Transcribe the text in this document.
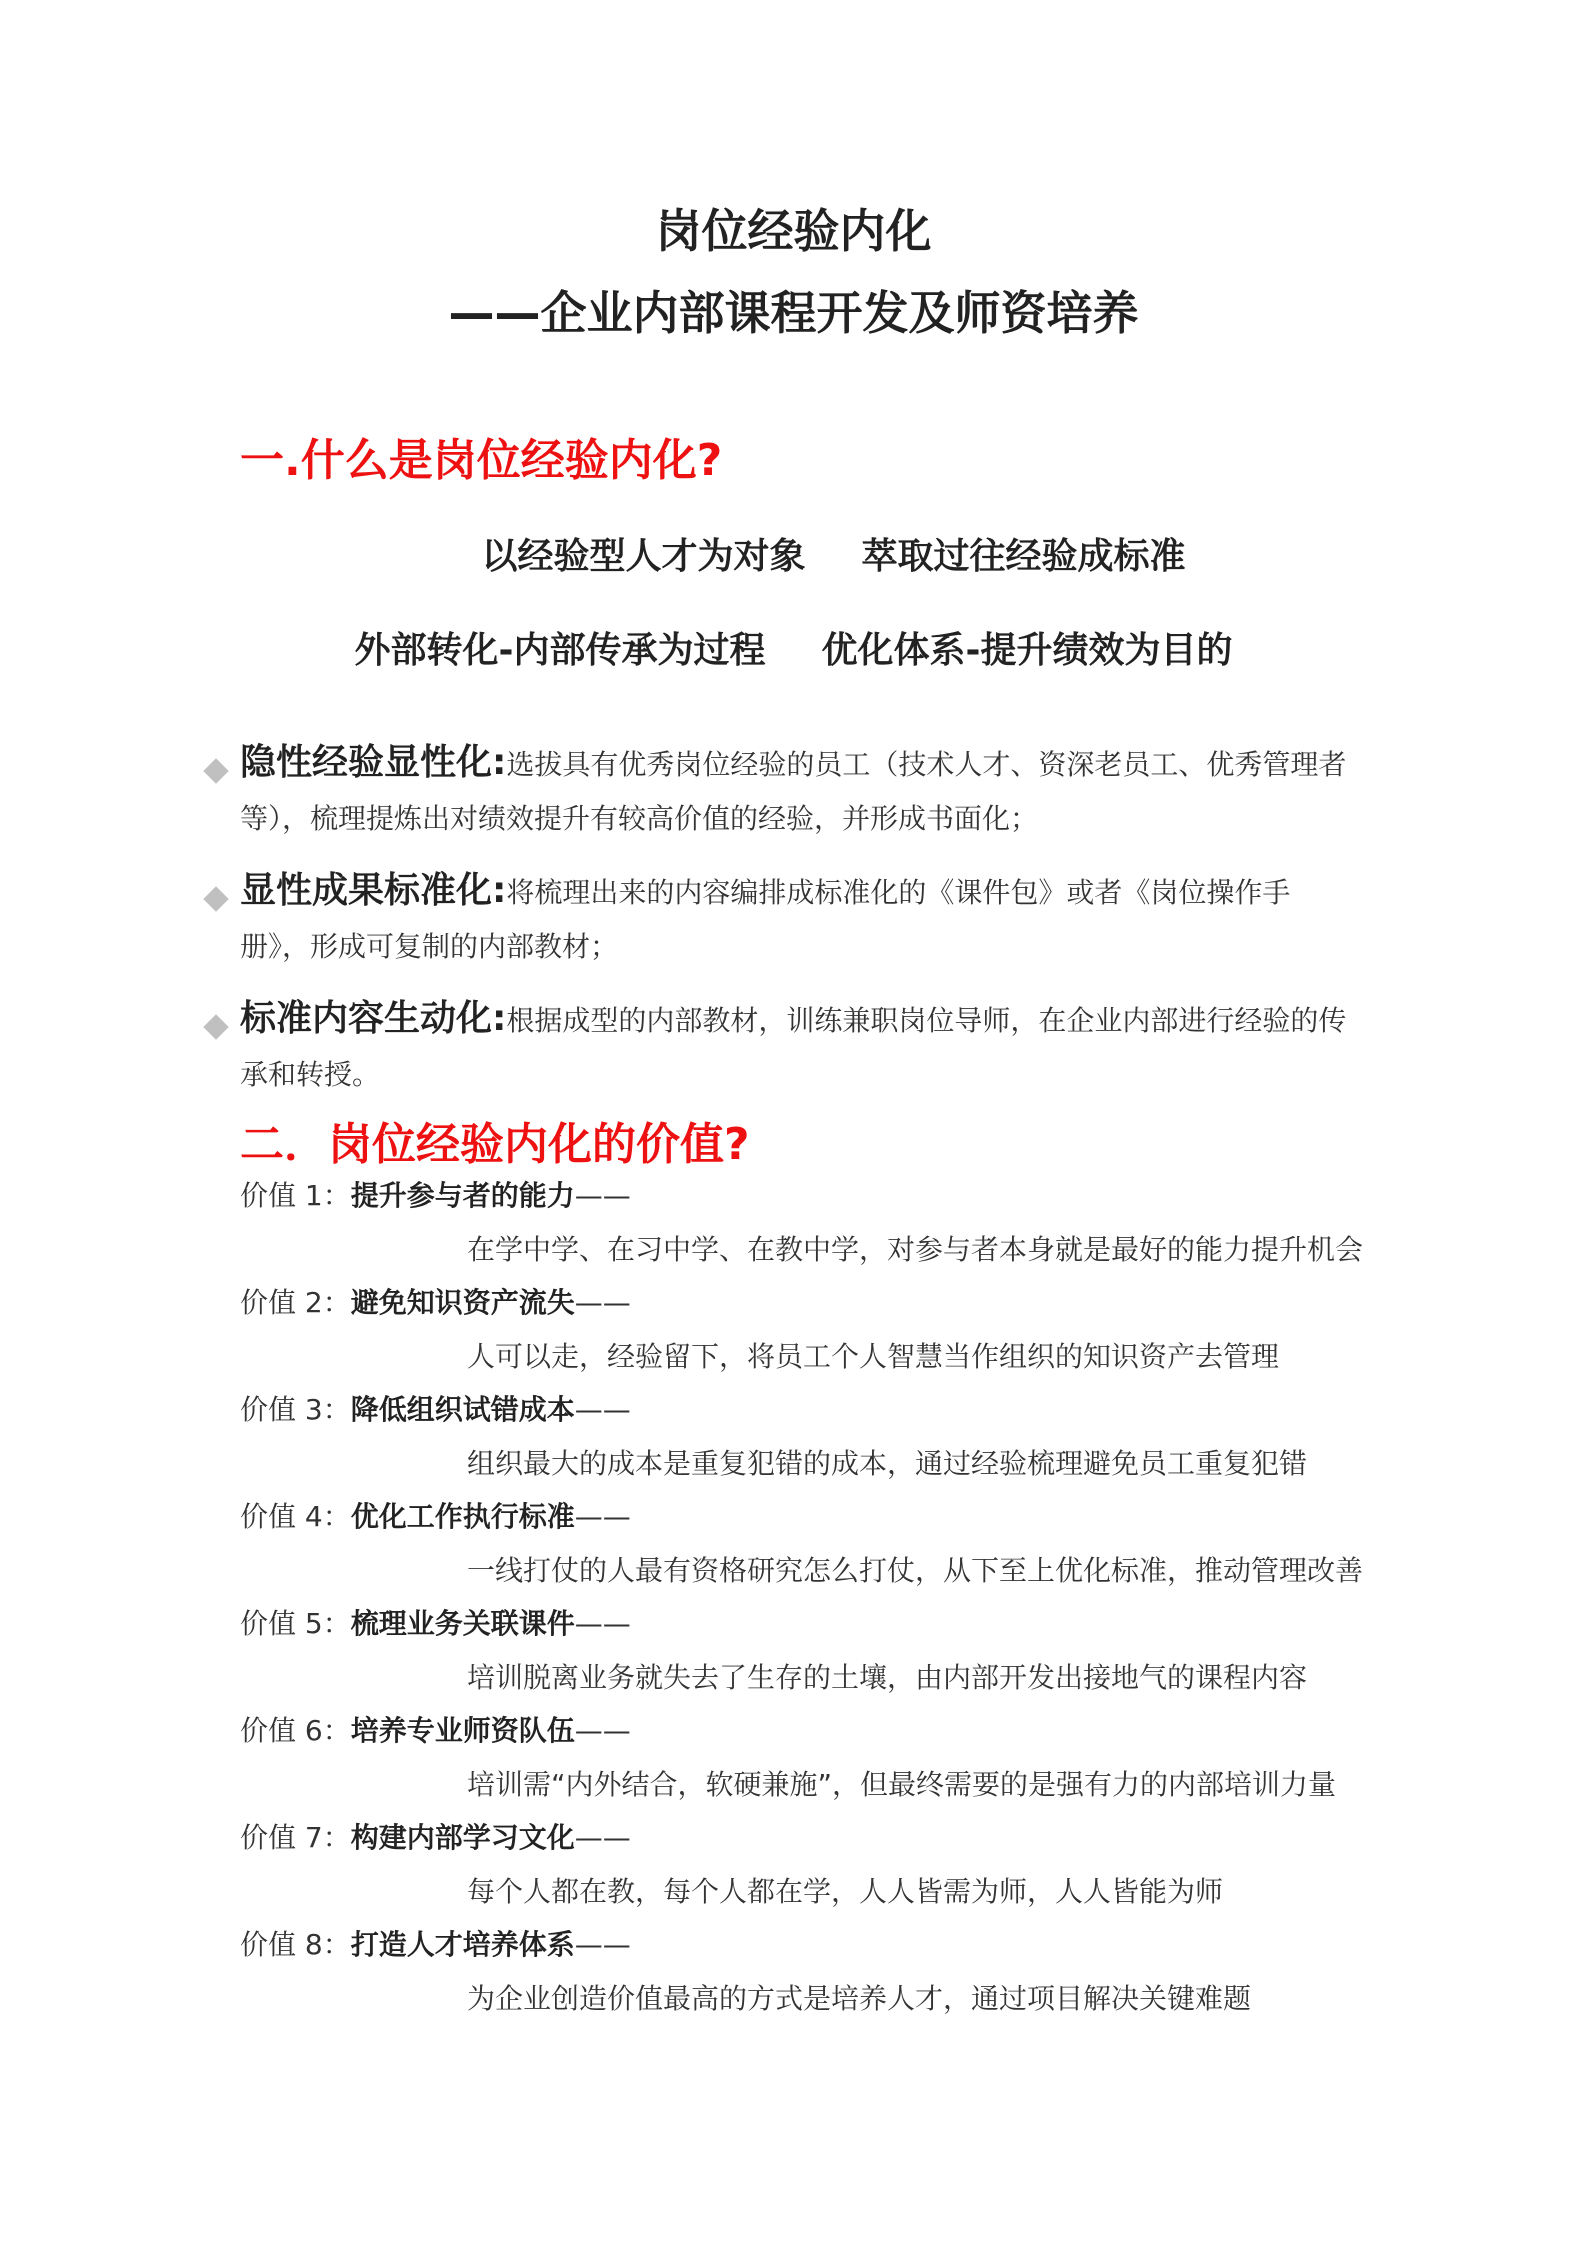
岗位经验内化
——企业内部课程开发及师资培养
一.什么是岗位经验内化?
以经验型人才为对象 萃取过往经验成标准
外部转化-内部传承为过程 优化体系-提升绩效为目的
隐性经验显性化:选拔具有优秀岗位经验的员工（技术人才、资深老员工、优秀管理者等），梳理提炼出对绩效提升有较高价值的经验，并形成书面化；
显性成果标准化:将梳理出来的内容编排成标准化的《课件包》或者《岗位操作手册》，形成可复制的内部教材；
标准内容生动化:根据成型的内部教材，训练兼职岗位导师，在企业内部进行经验的传承和转授。
二．岗位经验内化的价值?
价值 1：提升参与者的能力——
在学中学、在习中学、在教中学，对参与者本身就是最好的能力提升机会
价值 2：避免知识资产流失——
人可以走，经验留下，将员工个人智慧当作组织的知识资产去管理
价值 3：降低组织试错成本——
组织最大的成本是重复犯错的成本，通过经验梳理避免员工重复犯错
价值 4：优化工作执行标准——
一线打仗的人最有资格研究怎么打仗，从下至上优化标准，推动管理改善
价值 5：梳理业务关联课件——
培训脱离业务就失去了生存的土壤，由内部开发出接地气的课程内容
价值 6：培养专业师资队伍——
培训需“内外结合，软硬兼施”，但最终需要的是强有力的内部培训力量
价值 7：构建内部学习文化——
每个人都在教，每个人都在学，人人皆需为师，人人皆能为师
价值 8：打造人才培养体系——
为企业创造价值最高的方式是培养人才，通过项目解决关键难题
